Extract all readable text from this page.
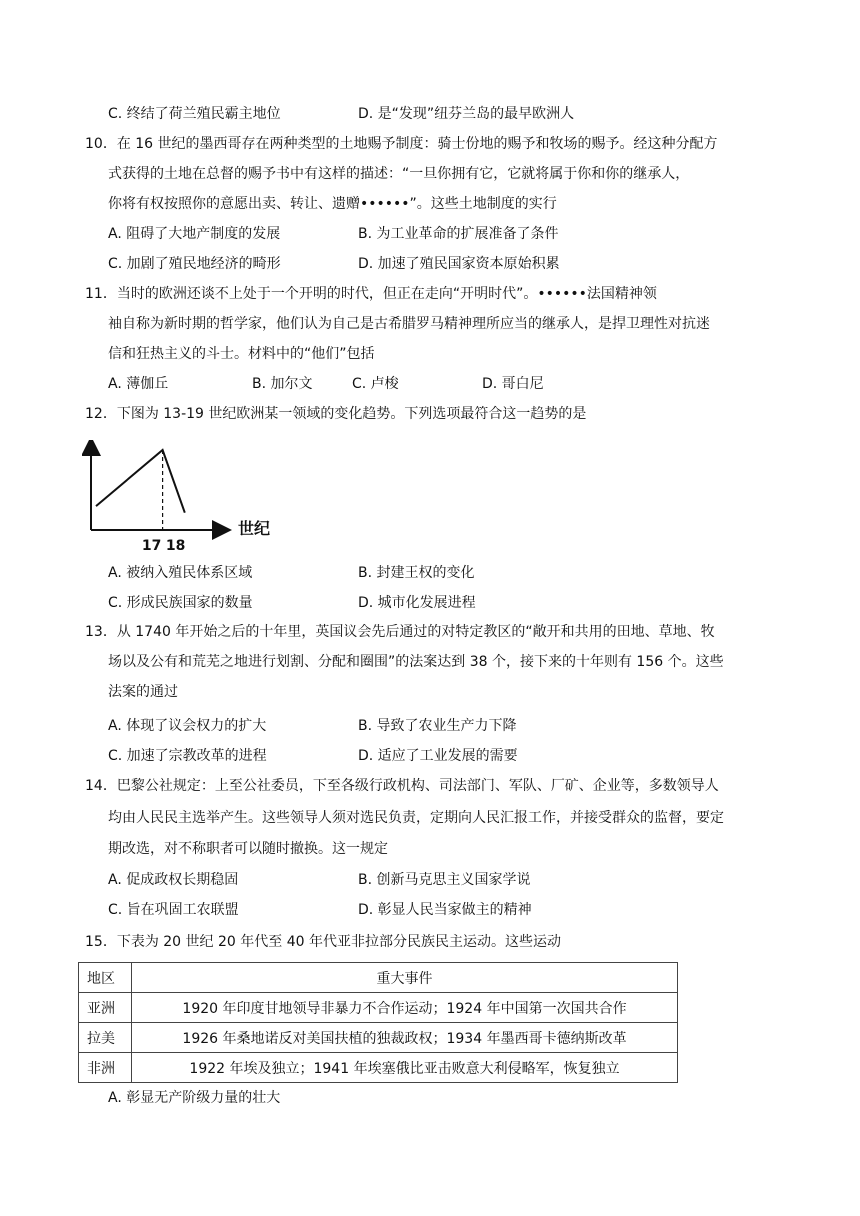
C. 终结了荷兰殖民霸主地位	D. 是“发现”纽芬兰岛的最早欧洲人
10．在 16 世纪的墨西哥存在两种类型的土地赐予制度：骑士份地的赐予和牧场的赐予。经这种分配方
式获得的土地在总督的赐予书中有这样的描述：“一旦你拥有它，它就将属于你和你的继承人，
你将有权按照你的意愿出卖、转让、遗赠••••••”。这些土地制度的实行
A. 阻碍了大地产制度的发展	B. 为工业革命的扩展准备了条件
C. 加剧了殖民地经济的畸形	D. 加速了殖民国家资本原始积累
11．当时的欧洲还谈不上处于一个开明的时代，但正在走向“开明时代”。••••••法国精神领
袖自称为新时期的哲学家，他们认为自己是古希腊罗马精神理所应当的继承人，是捍卫理性对抗迷
信和狂热主义的斗士。材料中的“他们”包括
A. 薄伽丘	B. 加尔文	C. 卢梭	D. 哥白尼
12．下图为 13-19 世纪欧洲某一领域的变化趋势。下列选项最符合这一趋势的是
17 18
世纪
A. 被纳入殖民体系区域	B. 封建王权的变化
C. 形成民族国家的数量	D. 城市化发展进程
13．从 1740 年开始之后的十年里，英国议会先后通过的对特定教区的“敞开和共用的田地、草地、牧
场以及公有和荒芜之地进行划割、分配和圈围”的法案达到 38 个，接下来的十年则有 156 个。这些
法案的通过
A. 体现了议会权力的扩大	B. 导致了农业生产力下降
C. 加速了宗教改革的进程	D. 适应了工业发展的需要
14．巴黎公社规定：上至公社委员，下至各级行政机构、司法部门、军队、厂矿、企业等，多数领导人
均由人民民主选举产生。这些领导人须对选民负责，定期向人民汇报工作，并接受群众的监督，要定
期改选，对不称职者可以随时撤换。这一规定
A. 促成政权长期稳固	B. 创新马克思主义国家学说
C. 旨在巩固工农联盟	D. 彰显人民当家做主的精神
15．下表为 20 世纪 20 年代至 40 年代亚非拉部分民族民主运动。这些运动
地区	重大事件
亚洲	1920 年印度甘地领导非暴力不合作运动；1924 年中国第一次国共合作
拉美	1926 年桑地诺反对美国扶植的独裁政权；1934 年墨西哥卡德纳斯改革
非洲	1922 年埃及独立；1941 年埃塞俄比亚击败意大利侵略军，恢复独立
A. 彰显无产阶级力量的壮大
